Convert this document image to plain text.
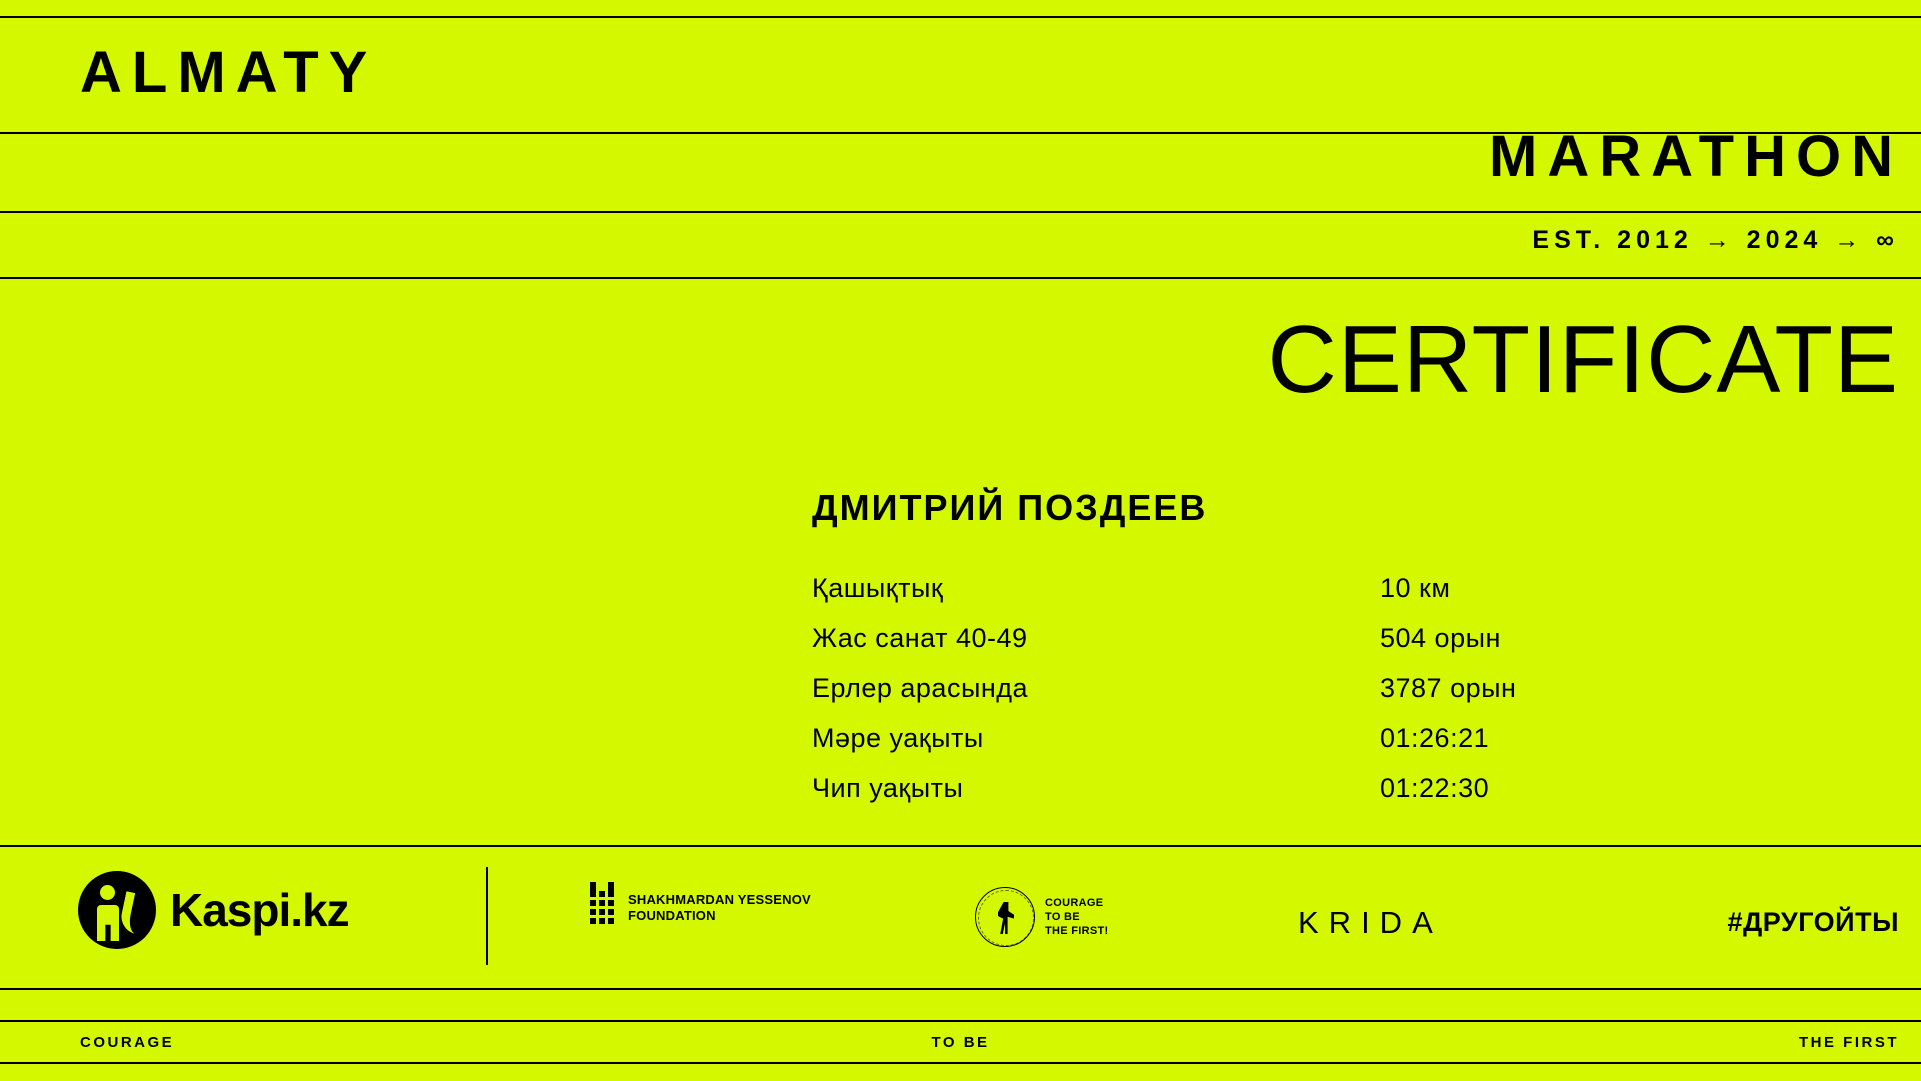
ALMATY
MARATHON
EST. 2012 → 2024 → ∞
CERTIFICATE
ДМИТРИЙ ПОЗДЕЕВ
Қашықтық	10 км
Жас санат 40-49	504 орын
Ерлер арасында	3787 орын
Мәре уақыты	01:26:21
Чип уақыты	01:22:30
Kaspi.kz	SHAKHMARDAN YESSENOV
FOUNDATION
COURAGE
TO BE
THE FIRST!	KRIDA	#ДРУГОЙТЫ
COURAGE	TO BE	THE FIRST
